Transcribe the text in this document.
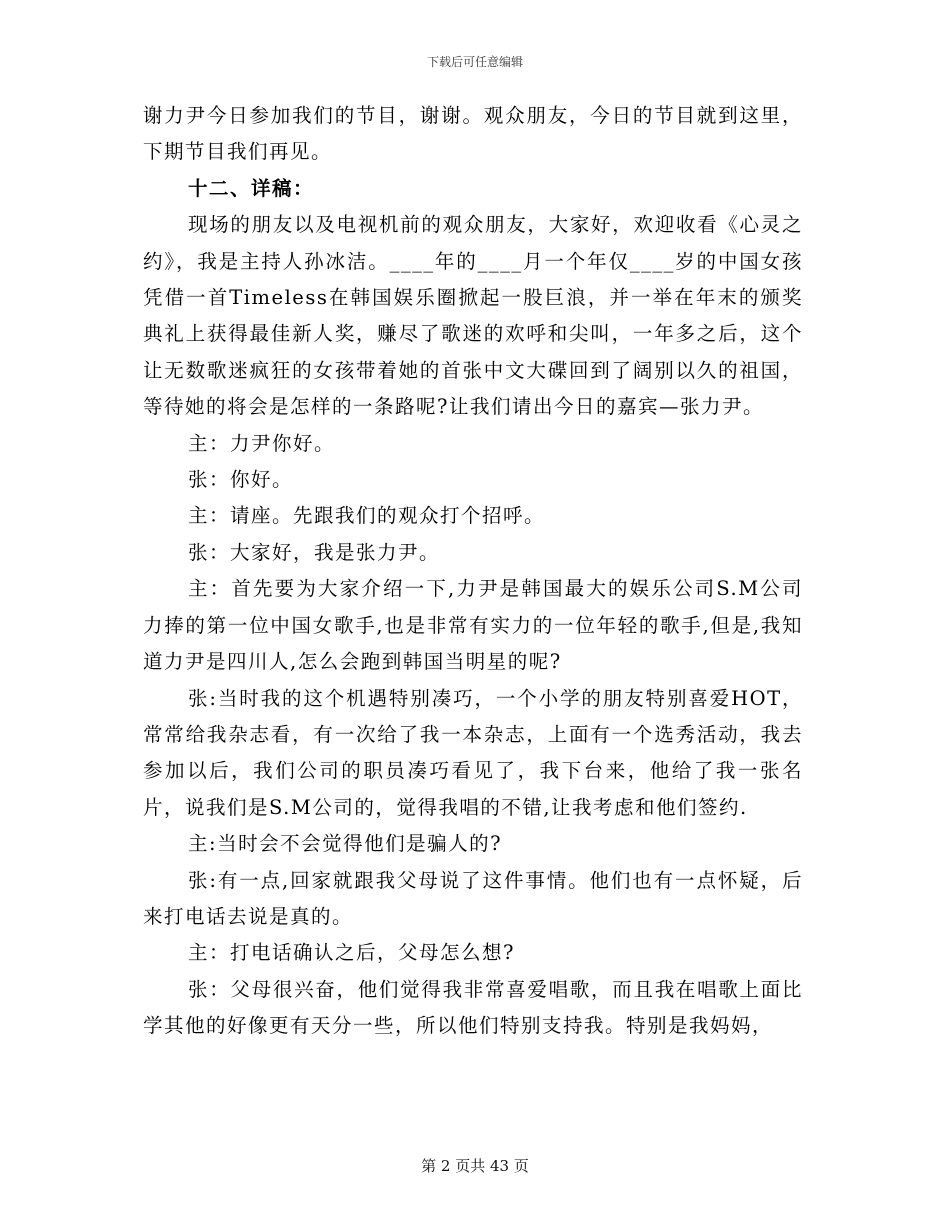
下载后可任意编辑

谢力尹今日参加我们的节目，谢谢。观众朋友，今日的节目就到这里，下期节目我们再见。

十二、详稿：

现场的朋友以及电视机前的观众朋友，大家好，欢迎收看《心灵之约》，我是主持人孙冰洁。____年的____月一个年仅____岁的中国女孩凭借一首Timeless在韩国娱乐圈掀起一股巨浪，并一举在年末的颁奖典礼上获得最佳新人奖，赚尽了歌迷的欢呼和尖叫，一年多之后，这个让无数歌迷疯狂的女孩带着她的首张中文大碟回到了阔别以久的祖国，等待她的将会是怎样的一条路呢?让我们请出今日的嘉宾—张力尹。

主：力尹你好。

张：你好。

主：请座。先跟我们的观众打个招呼。

张：大家好，我是张力尹。

主：首先要为大家介绍一下,力尹是韩国最大的娱乐公司S.M公司力捧的第一位中国女歌手,也是非常有实力的一位年轻的歌手,但是,我知道力尹是四川人,怎么会跑到韩国当明星的呢?

张:当时我的这个机遇特别凑巧，一个小学的朋友特别喜爱HOT，常常给我杂志看，有一次给了我一本杂志，上面有一个选秀活动，我去参加以后，我们公司的职员凑巧看见了，我下台来，他给了我一张名片，说我们是S.M公司的，觉得我唱的不错,让我考虑和他们签约.

主:当时会不会觉得他们是骗人的?

张:有一点,回家就跟我父母说了这件事情。他们也有一点怀疑，后来打电话去说是真的。

主：打电话确认之后，父母怎么想?

张：父母很兴奋，他们觉得我非常喜爱唱歌，而且我在唱歌上面比学其他的好像更有天分一些，所以他们特别支持我。特别是我妈妈，

第 2 页共 43 页
